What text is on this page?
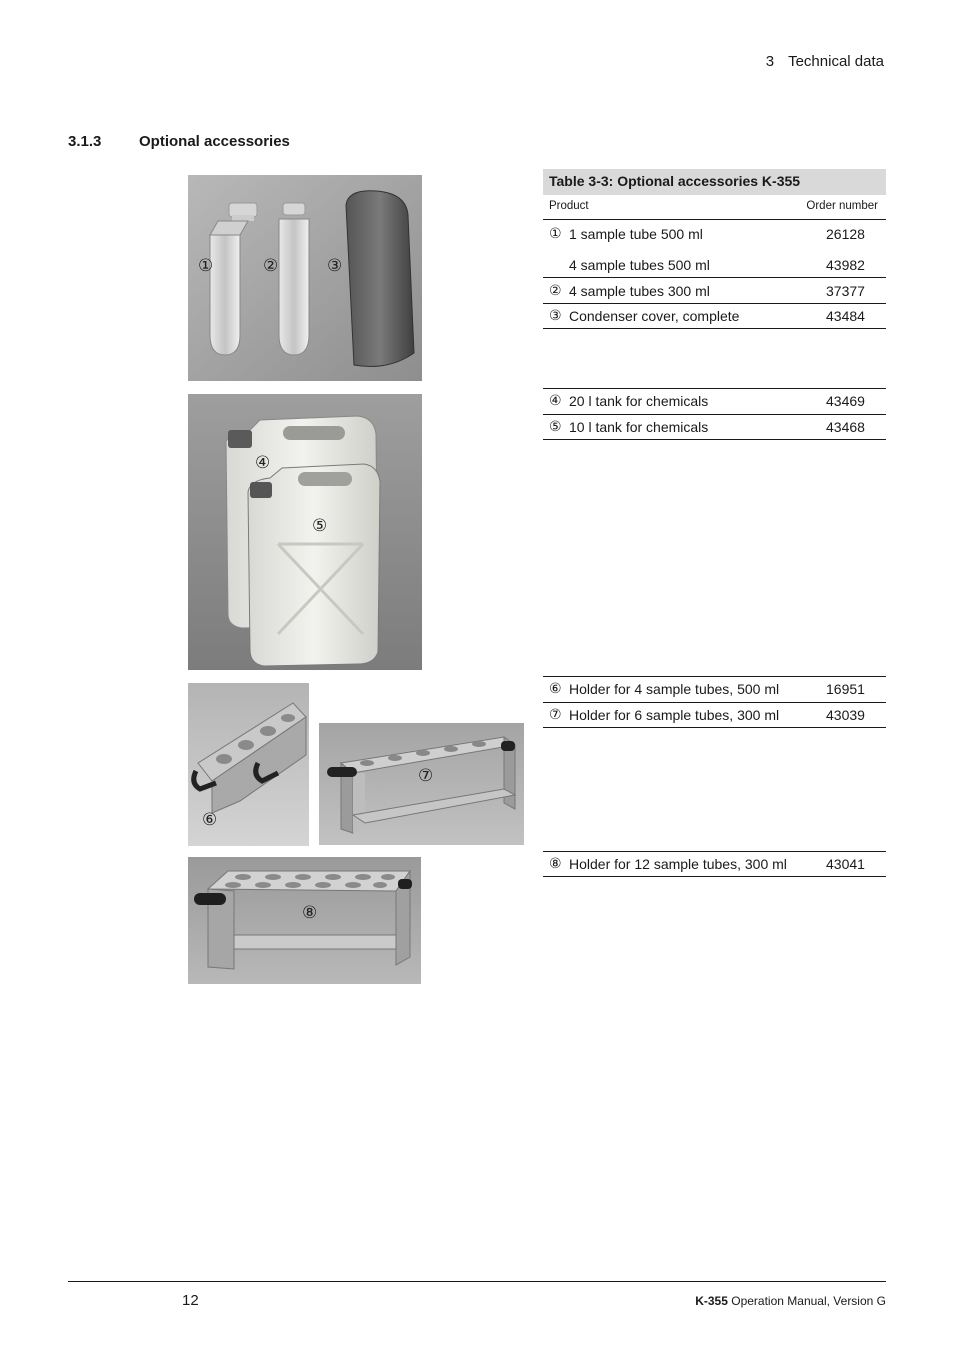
3 Technical data
3.1.3	Optional accessories
①	②	③
④
⑤
⑥
⑦
⑧
Table 3-3: Optional accessories K-355
Product	Order number
① 1 sample tube 500 ml	26128
4 sample tubes 500 ml	43982
② 4 sample tubes 300 ml	37377
③ Condenser cover, complete	43484
④ 20 l tank for chemicals	43469
⑤ 10 l tank for chemicals	43468
⑥ Holder for 4 sample tubes, 500 ml	16951
⑦ Holder for 6 sample tubes, 300 ml	43039
⑧ Holder for 12 sample tubes, 300 ml	43041
12	K-355 Operation Manual, Version G
